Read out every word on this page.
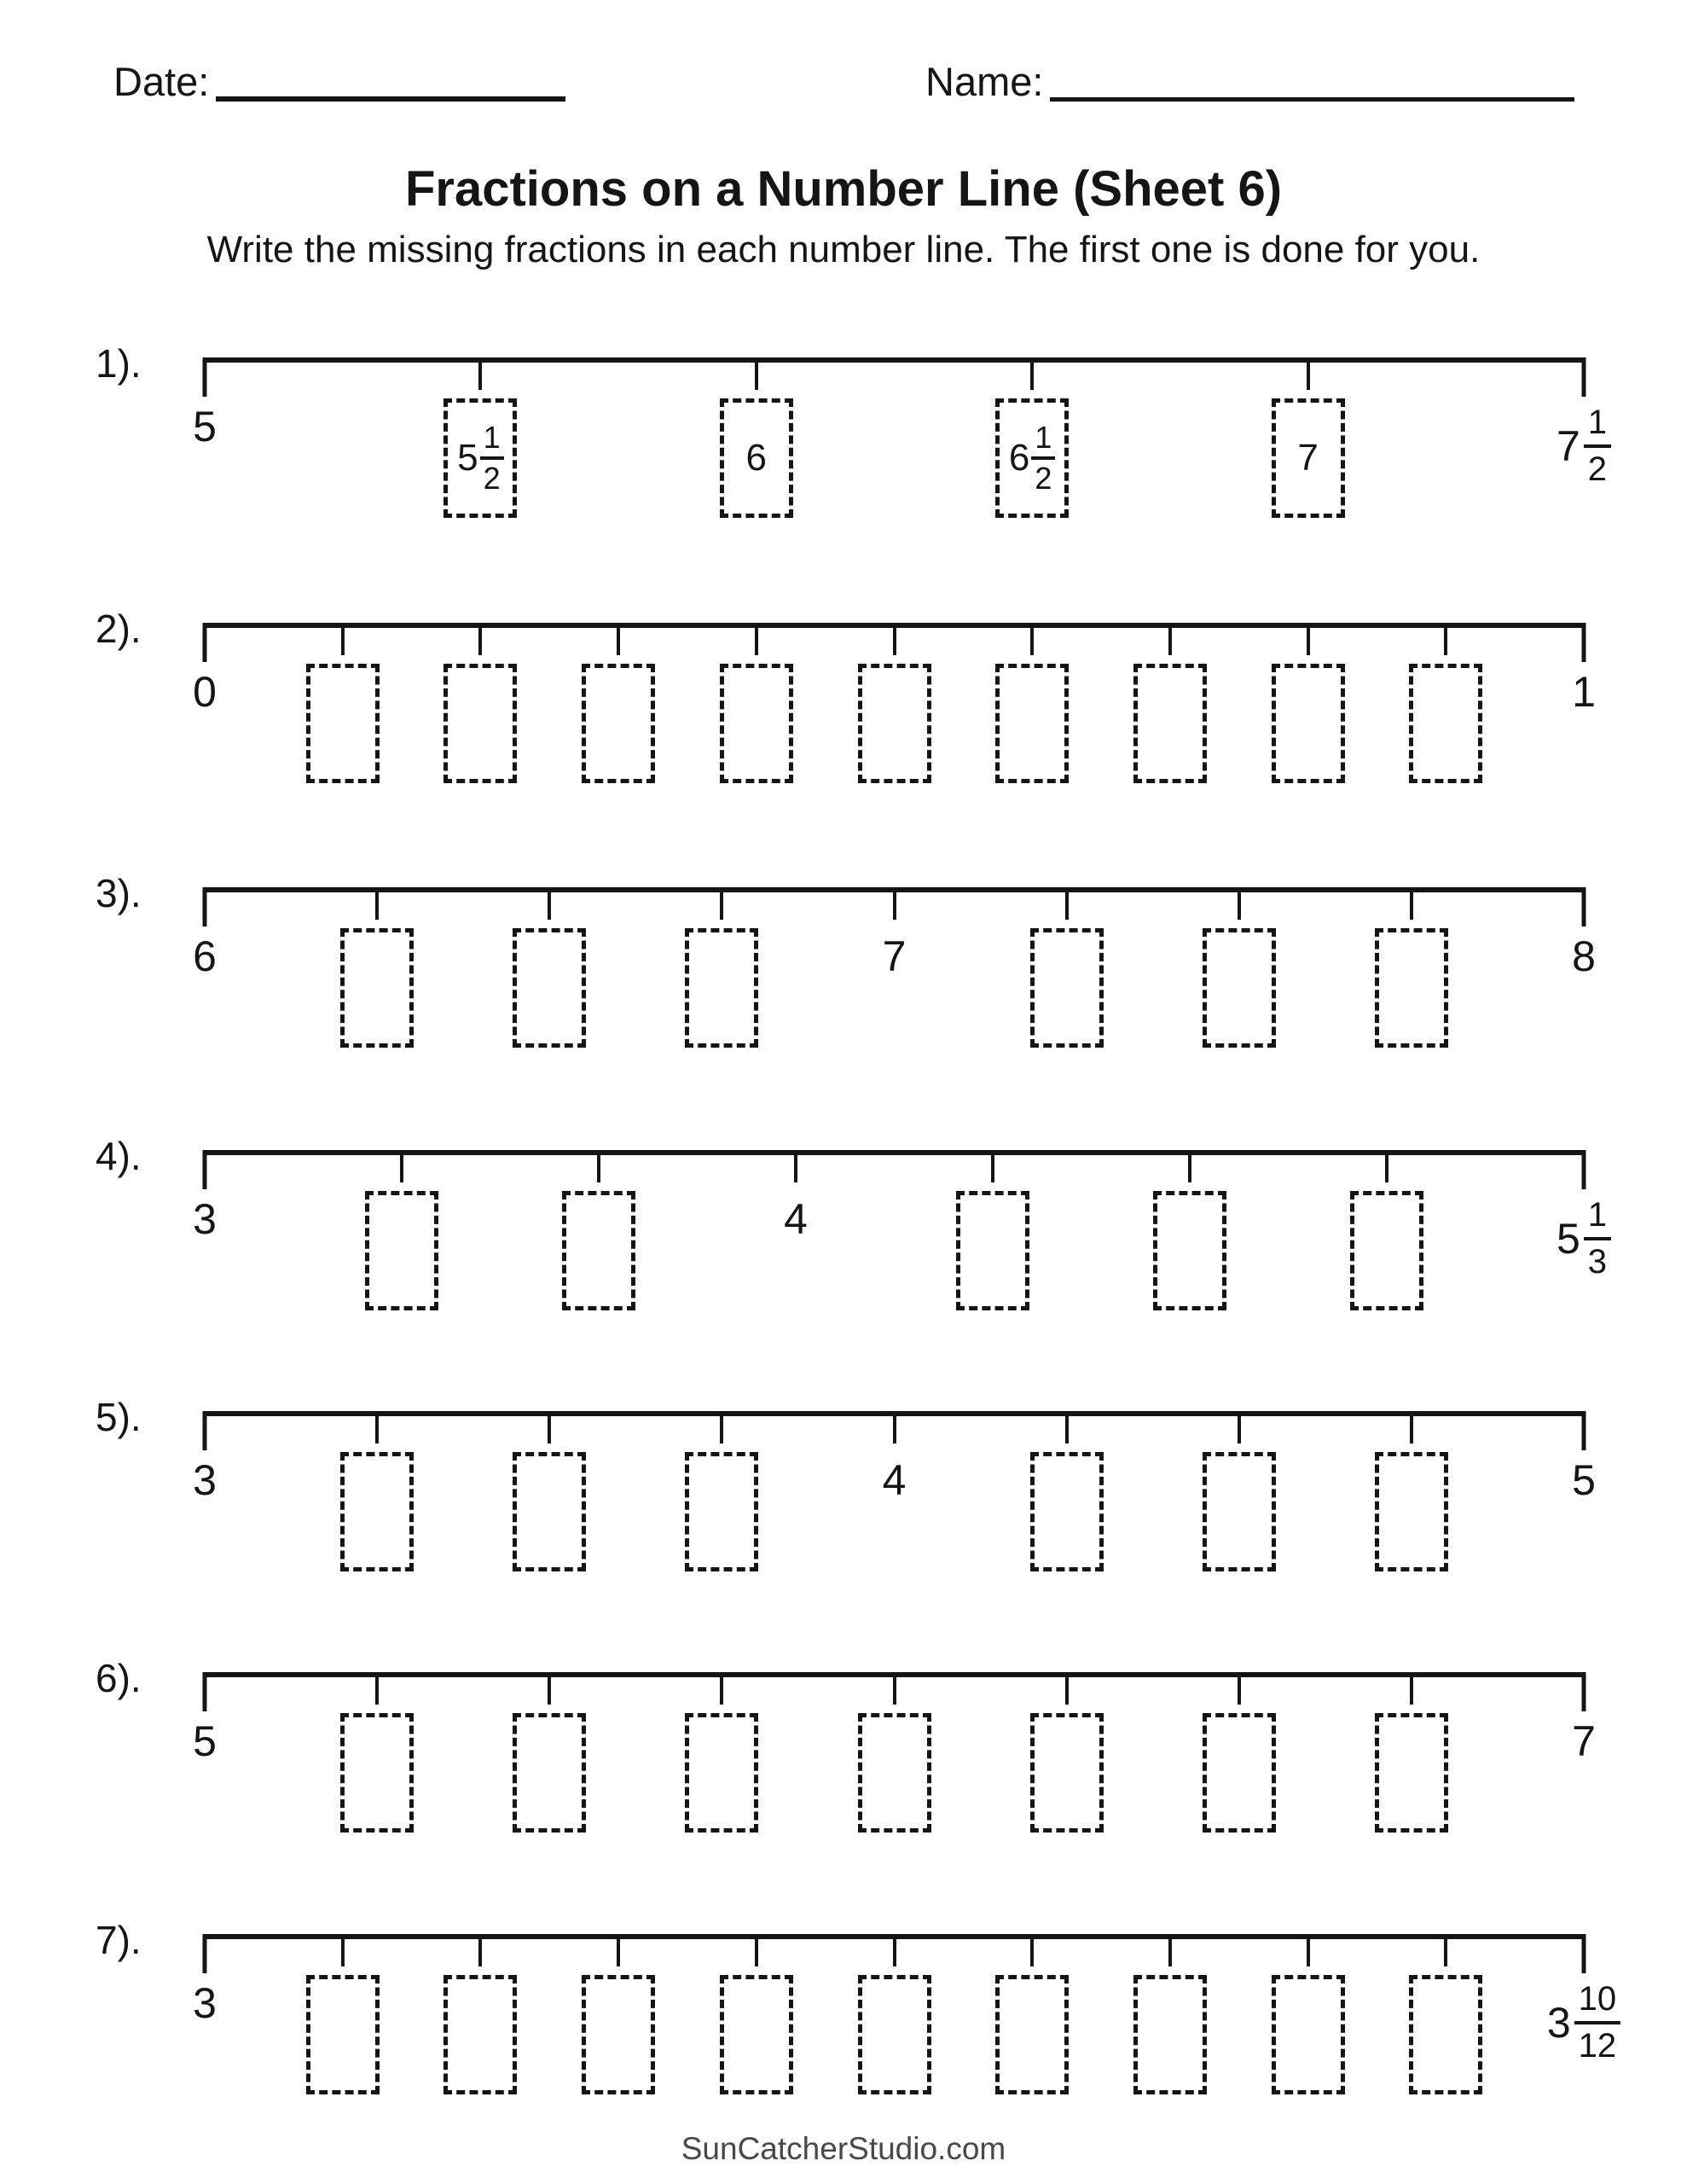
Date:	Name:
Fractions on a Number Line (Sheet 6)
Write the missing fractions in each number line. The first one is done for you.
1).
5
$5 \frac{1}{2}$	6	$6 \frac{1}{2}$	7	$7 \frac{1}{2}$
2).
0	1
3).
6	7	8
4).
3	4	$5 \frac{1}{3}$
5).
3	4	5
6).
5	7
7).
3	$3 \frac{10}{12}$
SunCatcherStudio.com
